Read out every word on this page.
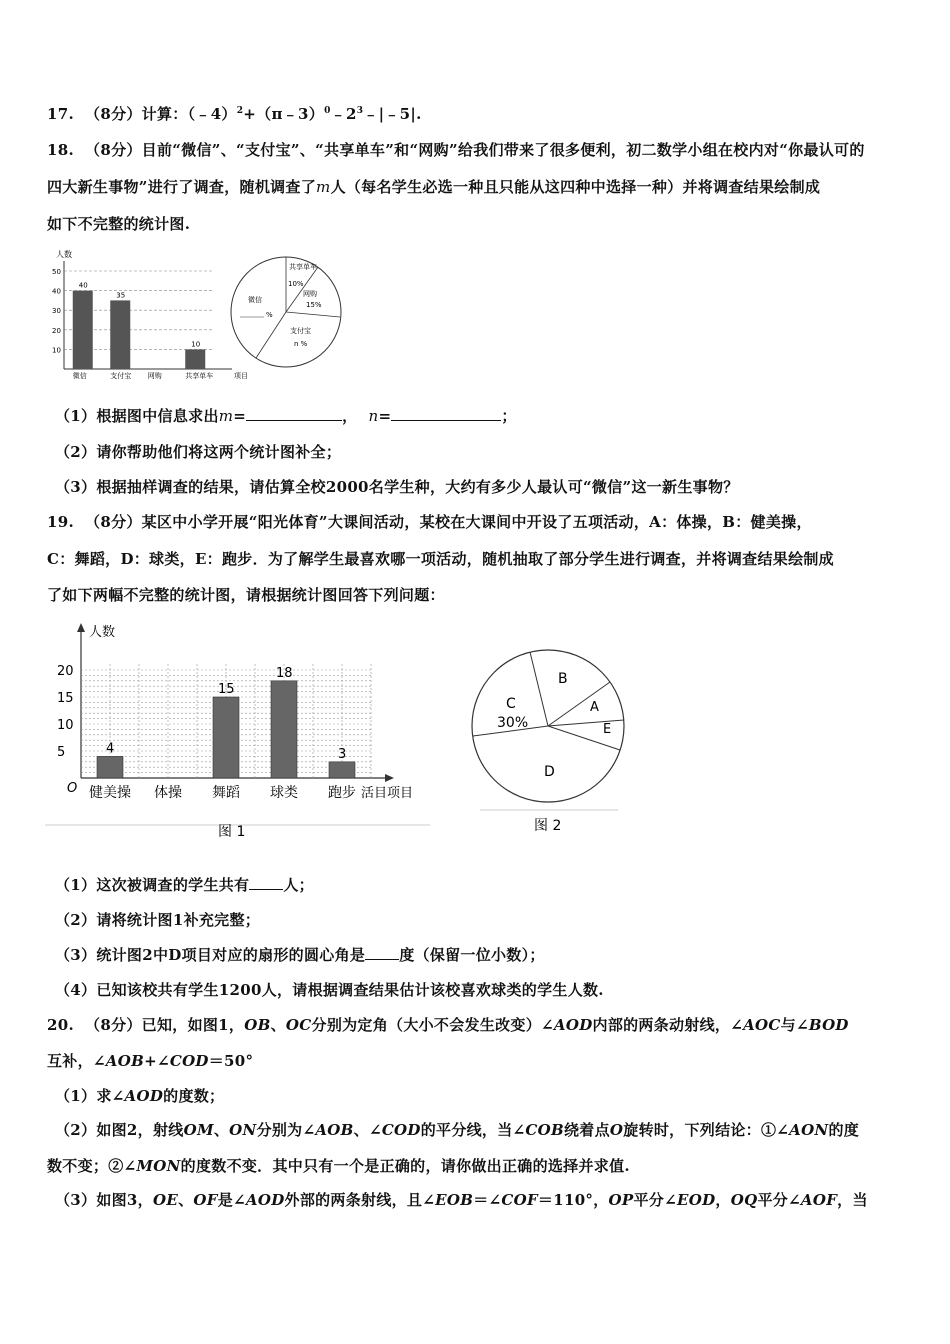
17. （8分）计算：$(﹣4)^2+(\pi﹣3)^0﹣2^3﹣|﹣5|$.
18. （8分）目前“微信”、“支付宝”、“共享单车”和“网购”给我们带来了很多便利，初二数学小组在校内对“你最认可的
四大新生事物”进行了调查，随机调查了m人（每名学生必选一种且只能从这四种中选择一种）并将调查结果绘制成
如下不完整的统计图.
人数
10
20
30
40
50
40
微信
35
支付宝 网购
10
共享单车	项目
共享单车
10%
网购
15%
支付宝
n %
微信
%
（1）根据图中信息求出m=	， n=	；
（2）请你帮助他们将这两个统计图补全；
（3）根据抽样调查的结果，请估算全校2000名学生种，大约有多少人最认可“微信”这一新生事物？
19. （8分）某区中小学开展“阳光体育”大课间活动，某校在大课间中开设了五项活动，A：体操，B：健美操，
C：舞蹈，D：球类，E：跑步．为了解学生最喜欢哪一项活动，随机抽取了部分学生进行调查，并将调查结果绘制成
了如下两幅不完整的统计图，请根据统计图回答下列问题：
人数
O
5
10
15
20
4
健美操 体操
15
舞蹈
18
球类
3
跑步 活目项目
图 1
B
A
E
D
C
30%
图 2
（1）这次被调查的学生共有 人；
（2）请将统计图1补充完整；
（3）统计图2中D项目对应的扇形的圆心角是 度（保留一位小数）；
（4）已知该校共有学生1200人，请根据调查结果估计该校喜欢球类的学生人数.
20. （8分）已知，如图1，OB、OC分别为定角（大小不会发生改变）∠AOD内部的两条动射线，∠AOC与∠BOD
互补，∠AOB+∠COD＝50°
（1）求∠AOD的度数；
（2）如图2，射线OM、ON分别为∠AOB、∠COD的平分线，当∠COB绕着点O旋转时，下列结论：①∠AON的度
数不变；②∠MON的度数不变．其中只有一个是正确的，请你做出正确的选择并求值.
（3）如图3，OE、OF是∠AOD外部的两条射线，且∠EOB＝∠COF＝110°，OP平分∠EOD，OQ平分∠AOF，当
